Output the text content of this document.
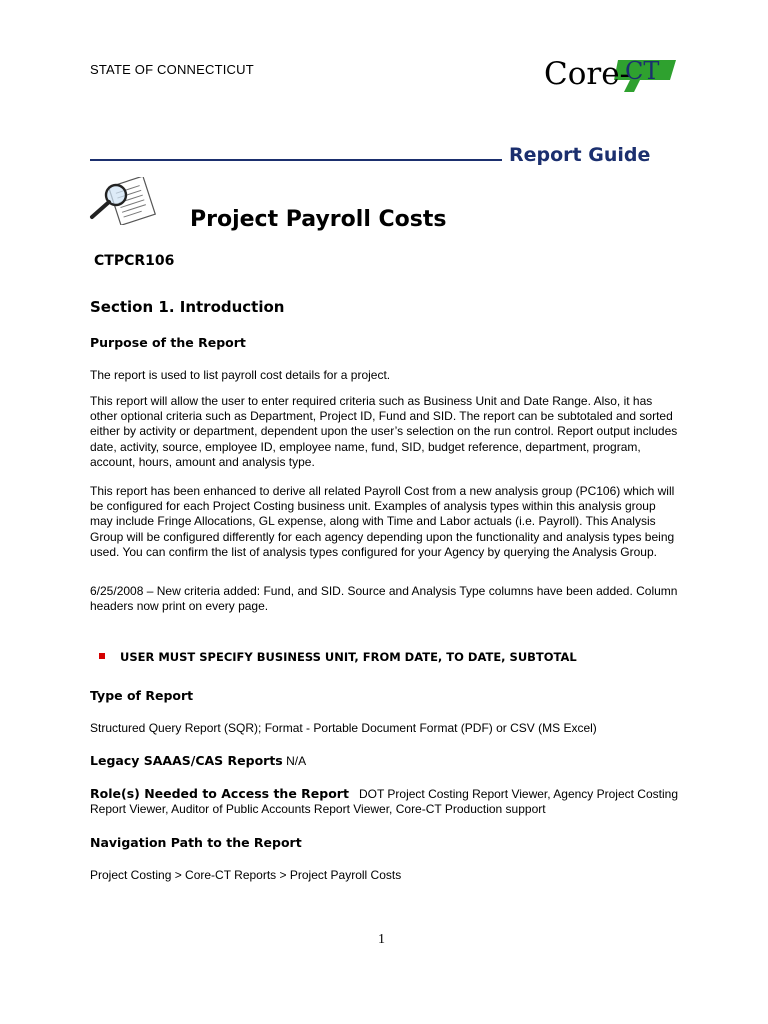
STATE OF CONNECTICUT	Core-
CT
Report Guide
Project Payroll Costs
CTPCR106
Section 1. Introduction
Purpose of the Report
The report is used to list payroll cost details for a project.
This report will allow the user to enter required criteria such as Business Unit and Date Range. Also, it has other optional criteria such as Department, Project ID, Fund and SID. The report can be subtotaled and sorted either by activity or department, dependent upon the user’s selection on the run control. Report output includes date, activity, source, employee ID, employee name, fund, SID, budget reference, department, program, account, hours, amount and analysis type.
This report has been enhanced to derive all related Payroll Cost from a new analysis group (PC106) which will be configured for each Project Costing business unit. Examples of analysis types within this analysis group may include Fringe Allocations, GL expense, along with Time and Labor actuals (i.e. Payroll). This Analysis Group will be configured differently for each agency depending upon the functionality and analysis types being used. You can confirm the list of analysis types configured for your Agency by querying the Analysis Group.
6/25/2008 – New criteria added: Fund, and SID. Source and Analysis Type columns have been added. Column headers now print on every page.
USER MUST SPECIFY BUSINESS UNIT, FROM DATE, TO DATE, SUBTOTAL
Type of Report
Structured Query Report (SQR); Format - Portable Document Format (PDF) or CSV (MS Excel)
Legacy SAAAS/CAS Reports N/A
Role(s) Needed to Access the Report DOT Project Costing Report Viewer, Agency Project Costing Report Viewer, Auditor of Public Accounts Report Viewer, Core-CT Production support
Navigation Path to the Report
Project Costing > Core-CT Reports > Project Payroll Costs
1
